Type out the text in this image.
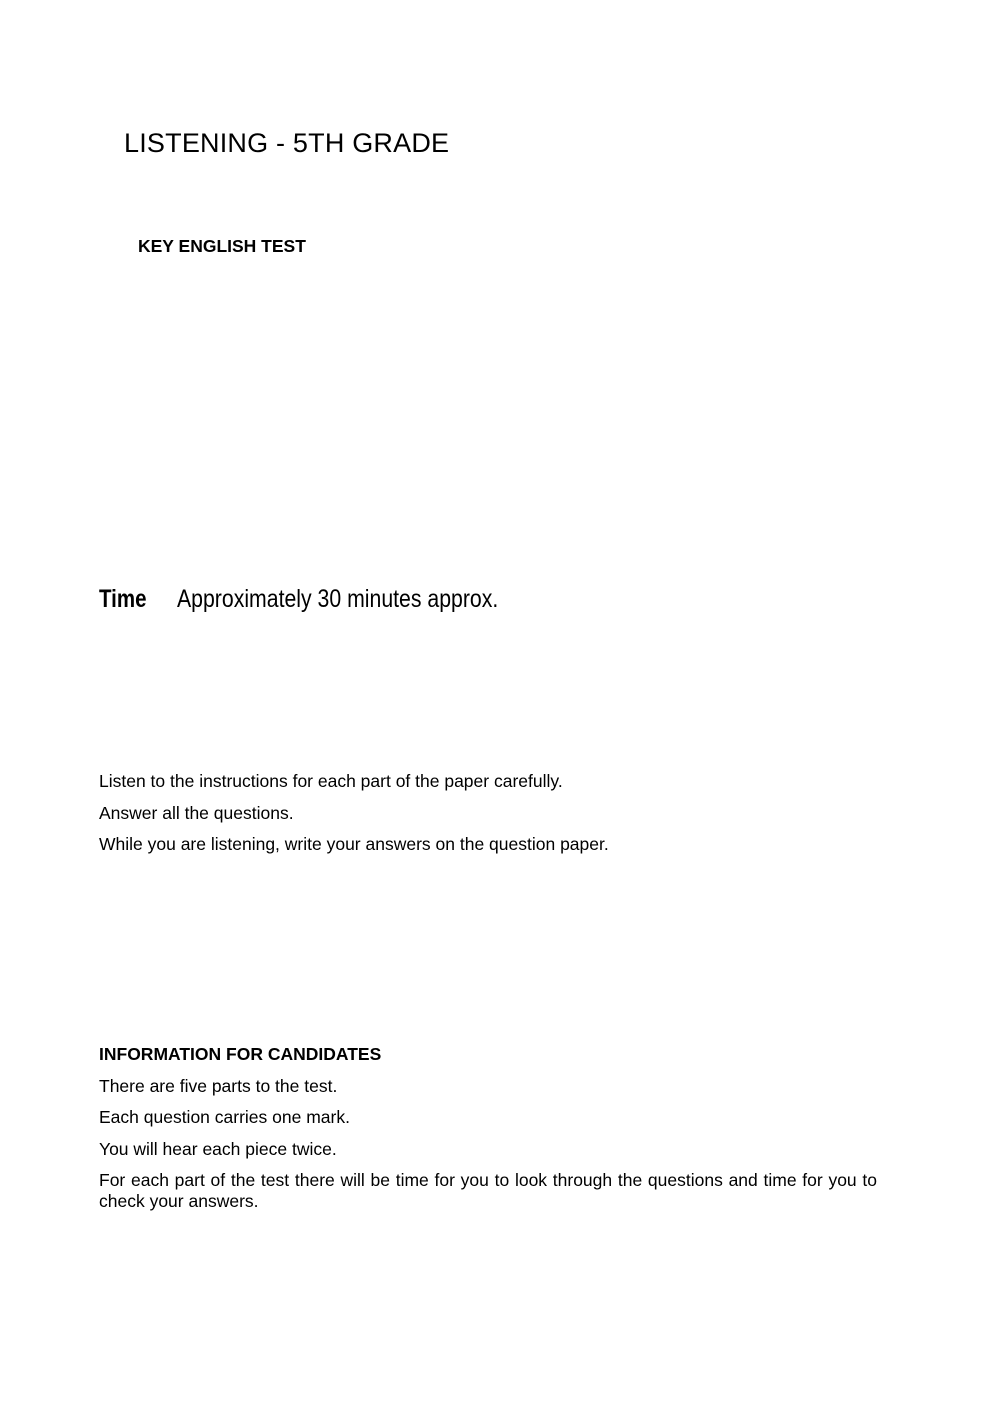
LISTENING - 5TH GRADE
KEY ENGLISH TEST
Time	Approximately 30 minutes approx.
Listen to the instructions for each part of the paper carefully.
Answer all the questions.
While you are listening, write your answers on the question paper.
INFORMATION FOR CANDIDATES
There are five parts to the test.
Each question carries one mark.
You will hear each piece twice.
For each part of the test there will be time for you to look through the questions and time for you to check your answers.
